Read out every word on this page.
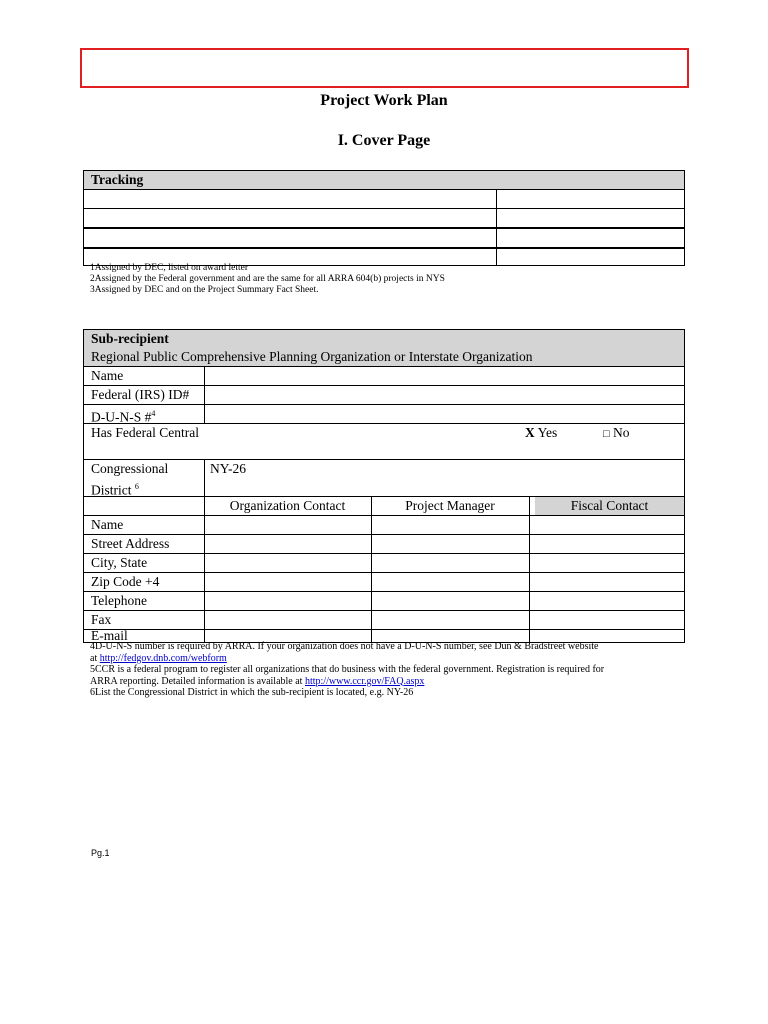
Project Work Plan
I. Cover Page
Tracking
1Assigned by DEC, listed on award letter
2Assigned by the Federal government and are the same for all ARRA 604(b) projects in NYS
3Assigned by DEC and on the Project Summary Fact Sheet.
Sub-recipient
Regional Public Comprehensive Planning Organization or Interstate Organization
Name
Federal (IRS) ID#
D-U-N-S #$^4$
Has Federal Central	X Yes	□ No
Congressional
District $^6$
NY-26
Organization Contact	Project Manager	Fiscal Contact
Name
Street Address
City, State
Zip Code +4
Telephone
Fax
E-mail
4D-U-N-S number is required by ARRA. If your organization does not have a D-U-N-S number, see Dun & Bradstreet website
at http://fedgov.dnb.com/webform
5CCR is a federal program to register all organizations that do business with the federal government. Registration is required for
ARRA reporting. Detailed information is available at http://www.ccr.gov/FAQ.aspx
6List the Congressional District in which the sub-recipient is located, e.g. NY-26
Pg.1
